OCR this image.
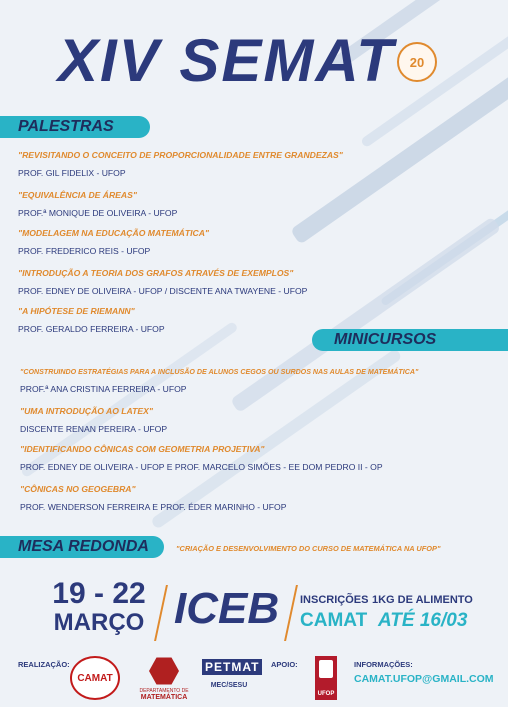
XIV SEMAT 20
PALESTRAS
"REVISITANDO O CONCEITO DE PROPORCIONALIDADE ENTRE GRANDEZAS"
PROF. GIL FIDELIX - UFOP
"EQUIVALÊNCIA DE ÁREAS"
PROF.ª MONIQUE DE OLIVEIRA - UFOP
"MODELAGEM NA EDUCAÇÃO MATEMÁTICA"
PROF. FREDERICO REIS - UFOP
"INTRODUÇÃO A TEORIA DOS GRAFOS ATRAVÉS DE EXEMPLOS"
PROF. EDNEY DE OLIVEIRA - UFOP / DISCENTE ANA TWAYENE - UFOP
"A HIPÓTESE DE RIEMANN"
PROF. GERALDO FERREIRA - UFOP
MINICURSOS
"CONSTRUINDO ESTRATÉGIAS PARA A INCLUSÃO DE ALUNOS CEGOS OU SURDOS NAS AULAS DE MATEMÁTICA"
PROF.ª ANA CRISTINA FERREIRA - UFOP
"UMA INTRODUÇÃO AO LATEX"
DISCENTE RENAN PEREIRA - UFOP
"IDENTIFICANDO CÔNICAS COM GEOMETRIA PROJETIVA"
PROF. EDNEY DE OLIVEIRA - UFOP E PROF. MARCELO SIMÕES - EE DOM PEDRO II - OP
"CÔNICAS NO GEOGEBRA"
PROF. WENDERSON FERREIRA E PROF. ÉDER MARINHO - UFOP
MESA REDONDA	"CRIAÇÃO E DESENVOLVIMENTO DO CURSO DE MATEMÁTICA NA UFOP"
19 - 22
MARÇO ICEB INSCRIÇÕES
CAMAT
1KG DE ALIMENTO
ATÉ 16/03
REALIZAÇÃO:
CAMAT
DEPARTAMENTO DE
MATEMÁTICA
PETMAT
MEC/SESU
APOIO:
UFOP
INFORMAÇÕES:
CAMAT.UFOP@GMAIL.COM
